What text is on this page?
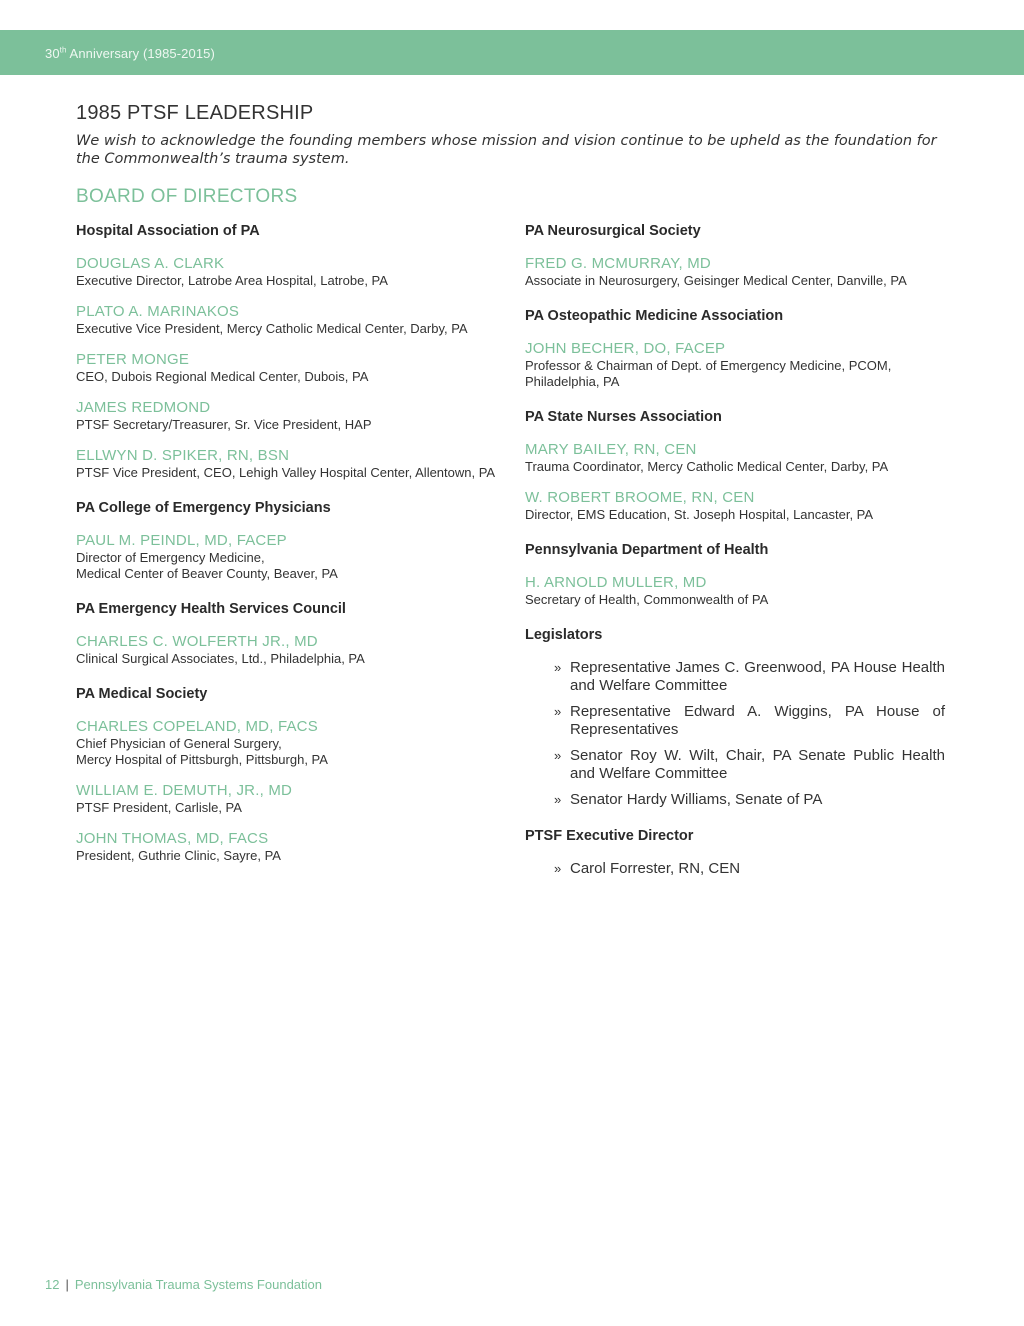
30th Anniversary (1985-2015)
1985 PTSF LEADERSHIP
We wish to acknowledge the founding members whose mission and vision continue to be upheld as the foundation for the Commonwealth’s trauma system.
BOARD OF DIRECTORS
Hospital Association of PA
DOUGLAS A. CLARK
Executive Director, Latrobe Area Hospital, Latrobe, PA
PLATO A. MARINAKOS
Executive Vice President, Mercy Catholic Medical Center, Darby, PA
PETER MONGE
CEO, Dubois Regional Medical Center, Dubois, PA
JAMES REDMOND
PTSF Secretary/Treasurer, Sr. Vice President, HAP
ELLWYN D. SPIKER, RN, BSN
PTSF Vice President, CEO, Lehigh Valley Hospital Center, Allentown, PA
PA College of Emergency Physicians
PAUL M. PEINDL, MD, FACEP
Director of Emergency Medicine,
Medical Center of Beaver County, Beaver, PA
PA Emergency Health Services Council
CHARLES C. WOLFERTH JR., MD
Clinical Surgical Associates, Ltd., Philadelphia, PA
PA Medical Society
CHARLES COPELAND, MD, FACS
Chief Physician of General Surgery,
Mercy Hospital of Pittsburgh, Pittsburgh, PA
WILLIAM E. DEMUTH, JR., MD
PTSF President, Carlisle, PA
JOHN THOMAS, MD, FACS
President, Guthrie Clinic, Sayre, PA
PA Neurosurgical Society
FRED G. MCMURRAY, MD
Associate in Neurosurgery, Geisinger Medical Center, Danville, PA
PA Osteopathic Medicine Association
JOHN BECHER, DO, FACEP
Professor & Chairman of Dept. of Emergency Medicine, PCOM,
Philadelphia, PA
PA State Nurses Association
MARY BAILEY, RN, CEN
Trauma Coordinator, Mercy Catholic Medical Center, Darby, PA
W. ROBERT BROOME, RN, CEN
Director, EMS Education, St. Joseph Hospital, Lancaster, PA
Pennsylvania Department of Health
H. ARNOLD MULLER, MD
Secretary of Health, Commonwealth of PA
Legislators
» Representative James C. Greenwood, PA House Health and Welfare Committee
» Representative Edward A. Wiggins, PA House of Representatives
» Senator Roy W. Wilt, Chair, PA Senate Public Health and Welfare Committee
» Senator Hardy Williams, Senate of PA
PTSF Executive Director
» Carol Forrester, RN, CEN
12 | Pennsylvania Trauma Systems Foundation
